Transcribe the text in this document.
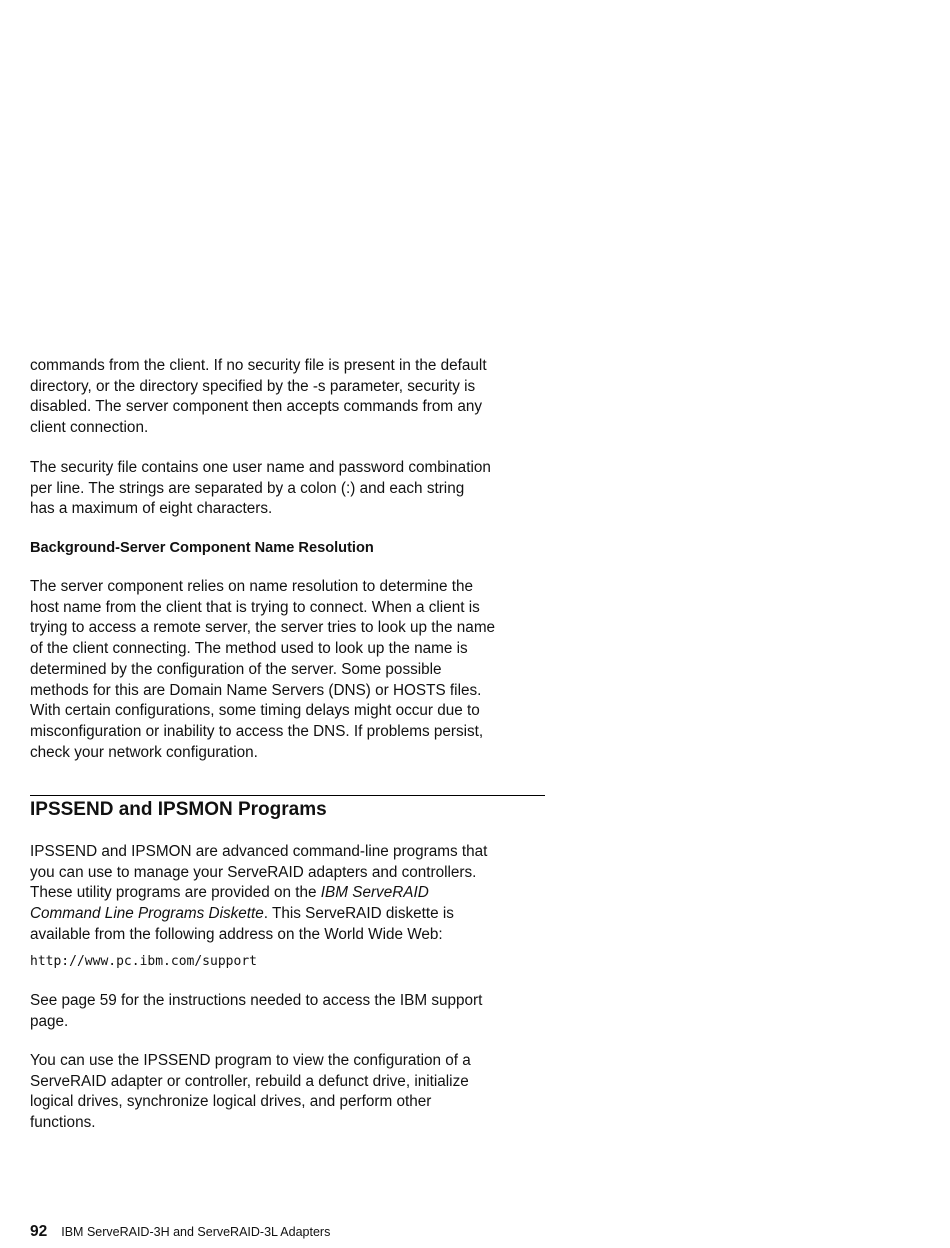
commands from the client. If no security file is present in the default
directory, or the directory specified by the -s parameter, security is
disabled. The server component then accepts commands from any
client connection.

The security file contains one user name and password combination
per line. The strings are separated by a colon (:) and each string
has a maximum of eight characters.

Background-Server Component Name Resolution

The server component relies on name resolution to determine the
host name from the client that is trying to connect. When a client is
trying to access a remote server, the server tries to look up the name
of the client connecting. The method used to look up the name is
determined by the configuration of the server. Some possible
methods for this are Domain Name Servers (DNS) or HOSTS files.
With certain configurations, some timing delays might occur due to
misconfiguration or inability to access the DNS. If problems persist,
check your network configuration.

IPSSEND and IPSMON Programs

IPSSEND and IPSMON are advanced command-line programs that
you can use to manage your ServeRAID adapters and controllers.
These utility programs are provided on the IBM ServeRAID
Command Line Programs Diskette. This ServeRAID diskette is
available from the following address on the World Wide Web:

http://www.pc.ibm.com/support

See page 59 for the instructions needed to access the IBM support
page.

You can use the IPSSEND program to view the configuration of a
ServeRAID adapter or controller, rebuild a defunct drive, initialize
logical drives, synchronize logical drives, and perform other
functions.

92 IBM ServeRAID-3H and ServeRAID-3L Adapters
